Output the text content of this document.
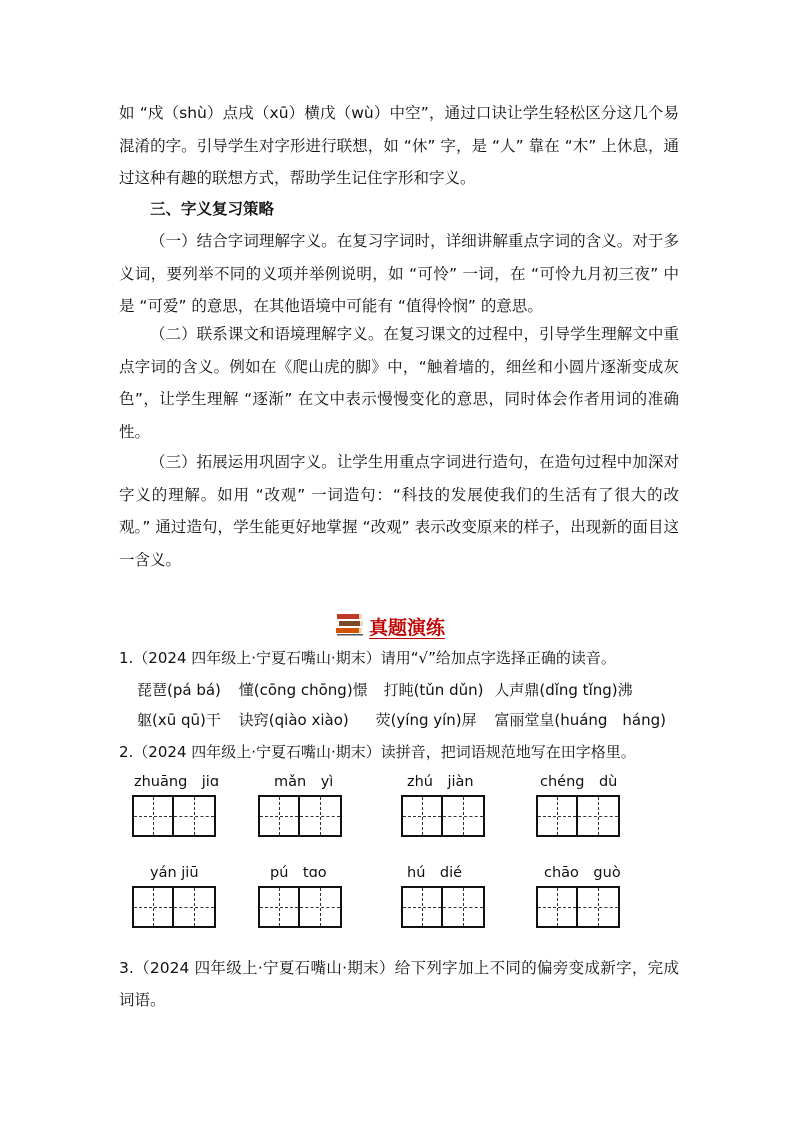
如 “戍（shù）点戌（xū）横戊（wù）中空”，通过口诀让学生轻松区分这几个易混淆的字。引导学生对字形进行联想，如 “休” 字，是 “人” 靠在 “木” 上休息，通过这种有趣的联想方式，帮助学生记住字形和字义。

三、字义复习策略

（一）结合字词理解字义。在复习字词时，详细讲解重点字词的含义。对于多义词，要列举不同的义项并举例说明，如 “可怜” 一词，在 “可怜九月初三夜” 中是 “可爱” 的意思，在其他语境中可能有 “值得怜悯” 的意思。

（二）联系课文和语境理解字义。在复习课文的过程中，引导学生理解文中重点字词的含义。例如在《爬山虎的脚》中，“触着墙的，细丝和小圆片逐渐变成灰色”，让学生理解 “逐渐” 在文中表示慢慢变化的意思，同时体会作者用词的准确性。

（三）拓展运用巩固字义。让学生用重点字词进行造句，在造句过程中加深对字义的理解。如用 “改观” 一词造句：“科技的发展使我们的生活有了很大的改观。” 通过造句，学生能更好地掌握 “改观” 表示改变原来的样子，出现新的面目这一含义。

真题演练
1.（2024 四年级上·宁夏石嘴山·期末）请用“√”给加点字选择正确的读音。
琵琶(pá bá) 懂(cōng chōng)憬 打盹(tǔn dǔn) 人声鼎(dǐng tǐng)沸
躯(xū qū)干 诀窍(qiào xiào) 荧(yíng yín)屏 富丽堂皇(huáng　háng)
2.（2024 四年级上·宁夏石嘴山·期末）读拼音，把词语规范地写在田字格里。
zhuāng　jiɑ	mǎn　yì	zhú　jiàn	chéng　dù
yán jiū	pú　tɑo	hú　dié	chāo　guò

3.（2024 四年级上·宁夏石嘴山·期末）给下列字加上不同的偏旁变成新字，完成词语。
